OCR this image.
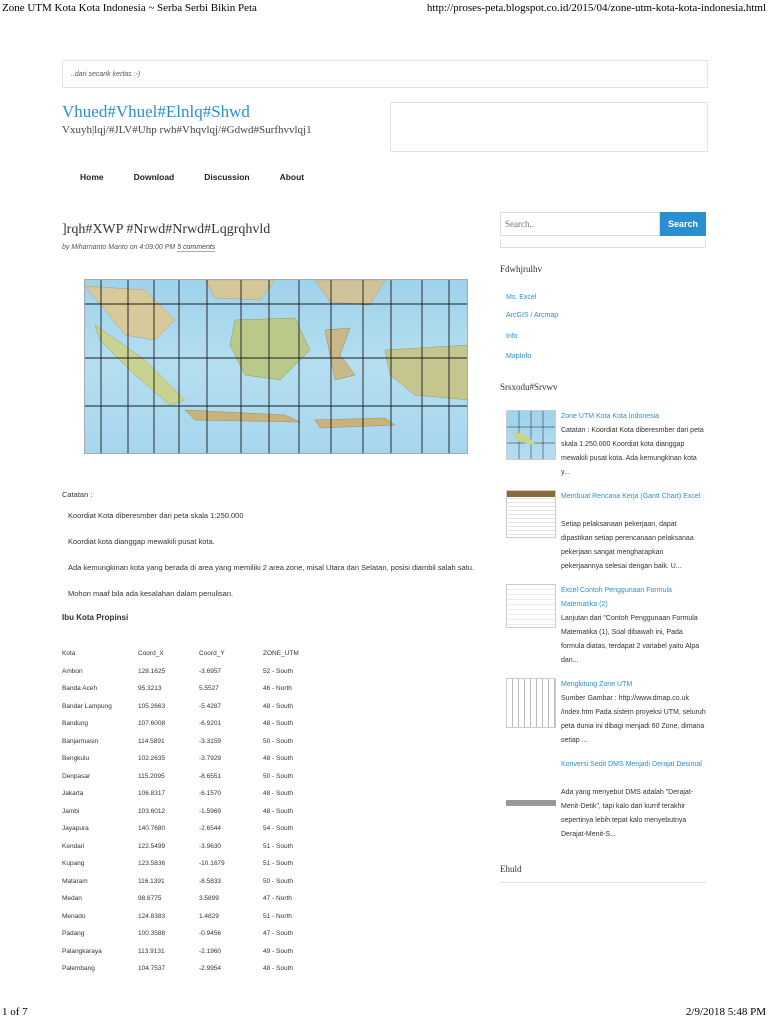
Zone UTM Kota Kota Indonesia ~ Serba Serbi Bikin Peta	http://proses-peta.blogspot.co.id/2015/04/zone-utm-kota-kota-indonesia.html
..dari secarik kertas :-)
Vhued#Vhuel#Elnlq#Shwd
Vxuyh|lqj/#JLV#Uhp rwh#Vhqvlqj/#Gdwd#Surfhvvlqj1
Home	Download	Discussion	About
]rqh#XWP #Nrwd#Nrwd#Lqgrqhvld
by Miharnanto Manto on 4:09:00 PM 5 comments
Catatan :

Koordiat Kota diberesmber dari peta skala 1:250.000

Koordiat kota dianggap mewakili pusat kota.

Ada kemungkinan kota yang berada di area yang memiliki 2 area zone, misal Utara dan Selatan, posisi diambil salah satu.

Mohon maaf bila ada kesalahan dalam penulisan.

Ibu Kota Propinsi
Kota	Coord_X	Coord_Y	ZONE_UTM
Ambon	128.1625	-3.6957	52 - South
Banda Aceh	95.3213	5.5527	46 - North
Bandar Lampung	105.2663	-5.4287	48 - South
Bandung	107.6008	-6.9201	48 - South
Banjarmasin	114.5891	-3.3159	50 - South
Bengkulu	102.2635	-3.7929	48 - South
Denpasar	115.2095	-8.6551	50 - South
Jakarta	106.8317	-6.1570	48 - South
Jambi	103.6012	-1.5969	48 - South
Jayapura	140.7680	-2.6544	54 - South
Kendari	122.5499	-3.9630	51 - South
Kupang	123.5836	-10.1679	51 - South
Mataram	116.1391	-8.5833	50 - South
Medan	98.6775	3.5899	47 - North
Menado	124.8383	1.4829	51 - North
Padang	100.3588	-0.9456	47 - South
Palangkaraya	113.9131	-2.1960	49 - South
Palembang	104.7537	-2.9954	48 - South
Search..
Search
Fdwhjrulhv
Ms. Excel
ArcGIS / Arcmap
Info
MapInfo
Srsxodu#Srvwv
Zone UTM Kota Kota Indonesia
Catatan : Koordiat Kota diberesmber dari peta skala 1:250.000 Koordiat kota dianggap mewakili pusat kota. Ada kemungkinan kota y...
Membuat Rencana Kerja (Gantt Chart) Excel
Setiap pelaksanaan pekerjaan, dapat dipastikan setiap perencanaan pelaksanaa pekerjaan sangat mengharapkan pekerjaannya selesai dengan baik. U...
Excel Contoh Penggunaan Formula Matematika (2)
Lanjutan dari "Contoh Penggunaan Formula Matematika (1), Soal dibawah ini, Pada formula diatas, terdapat 2 variabel yaitu Alpa dan...
Mengkitung Zone UTM
Sumber Gambar : http://www.dmap.co.uk /index.htm Pada sistem proyeksi UTM, seluruh peta dunia ini dibagi menjadi 60 Zone, dimana setiap ...
Konversi Sedit DMS Menjadi Derajat Desimal
Ada yang menyebut DMS adalah "Derajat-Menit-Detik", tapi kalo dari kurrif terakhir sepertinya lebih tepat kalo menyebutnya Derajat-Menit-S...
Ehuld
1 of 7	2/9/2018 5:48 PM
